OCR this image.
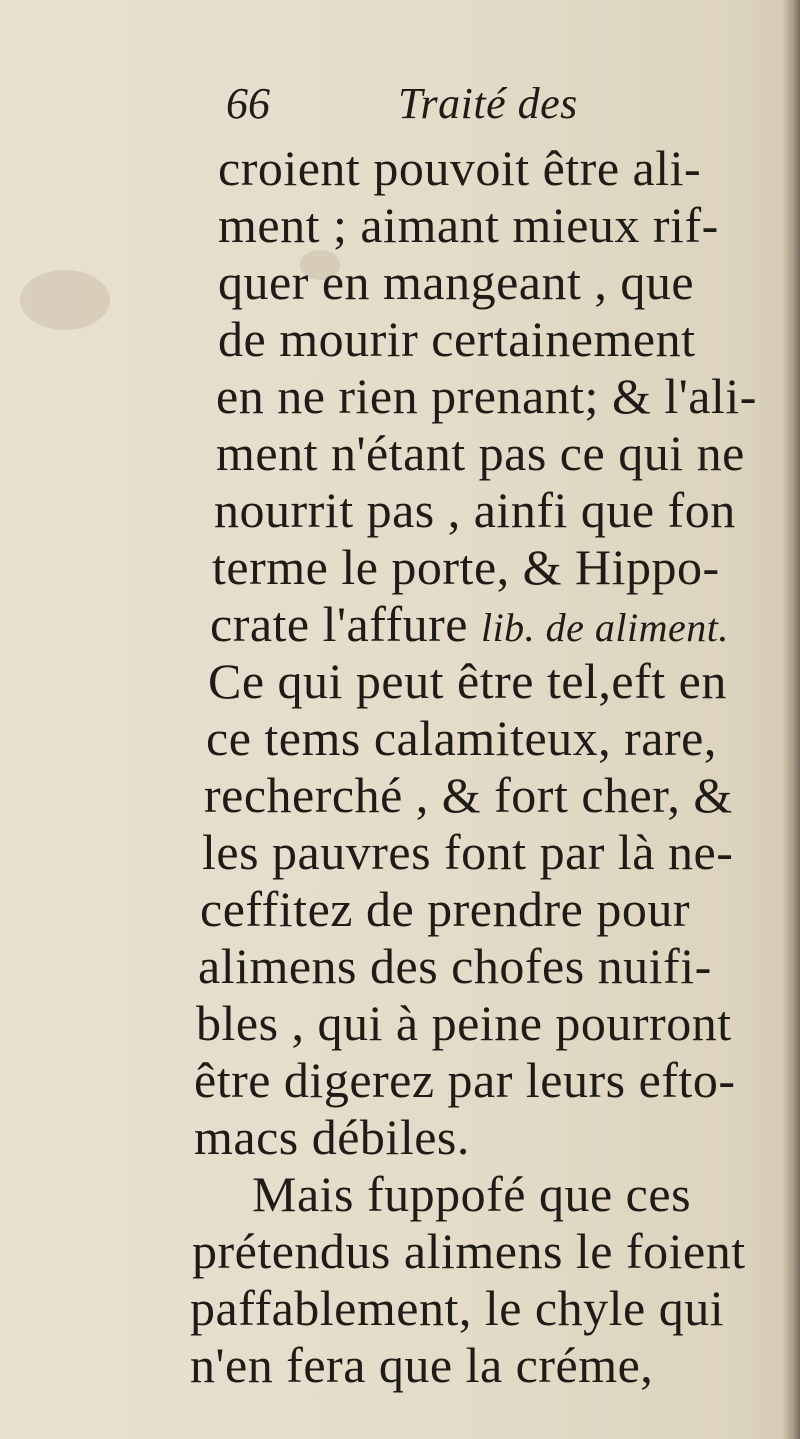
66	Traité des
croient pouvoit être ali-
ment ; aimant mieux rif-
quer en mangeant , que
de mourir certainement
en ne rien prenant; & l'ali-
ment n'étant pas ce qui ne
nourrit pas , ainfi que fon
terme le porte, & Hippo-
crate l'affure lib. de aliment.
Ce qui peut être tel,eft en
ce tems calamiteux, rare,
recherché , & fort cher, &
les pauvres font par là ne-
ceffitez de prendre pour
alimens des chofes nuifi-
bles , qui à peine pourront
être digerez par leurs efto-
macs débiles.
Mais fuppofé que ces
prétendus alimens le foient
paffablement, le chyle qui
n'en fera que la créme,
